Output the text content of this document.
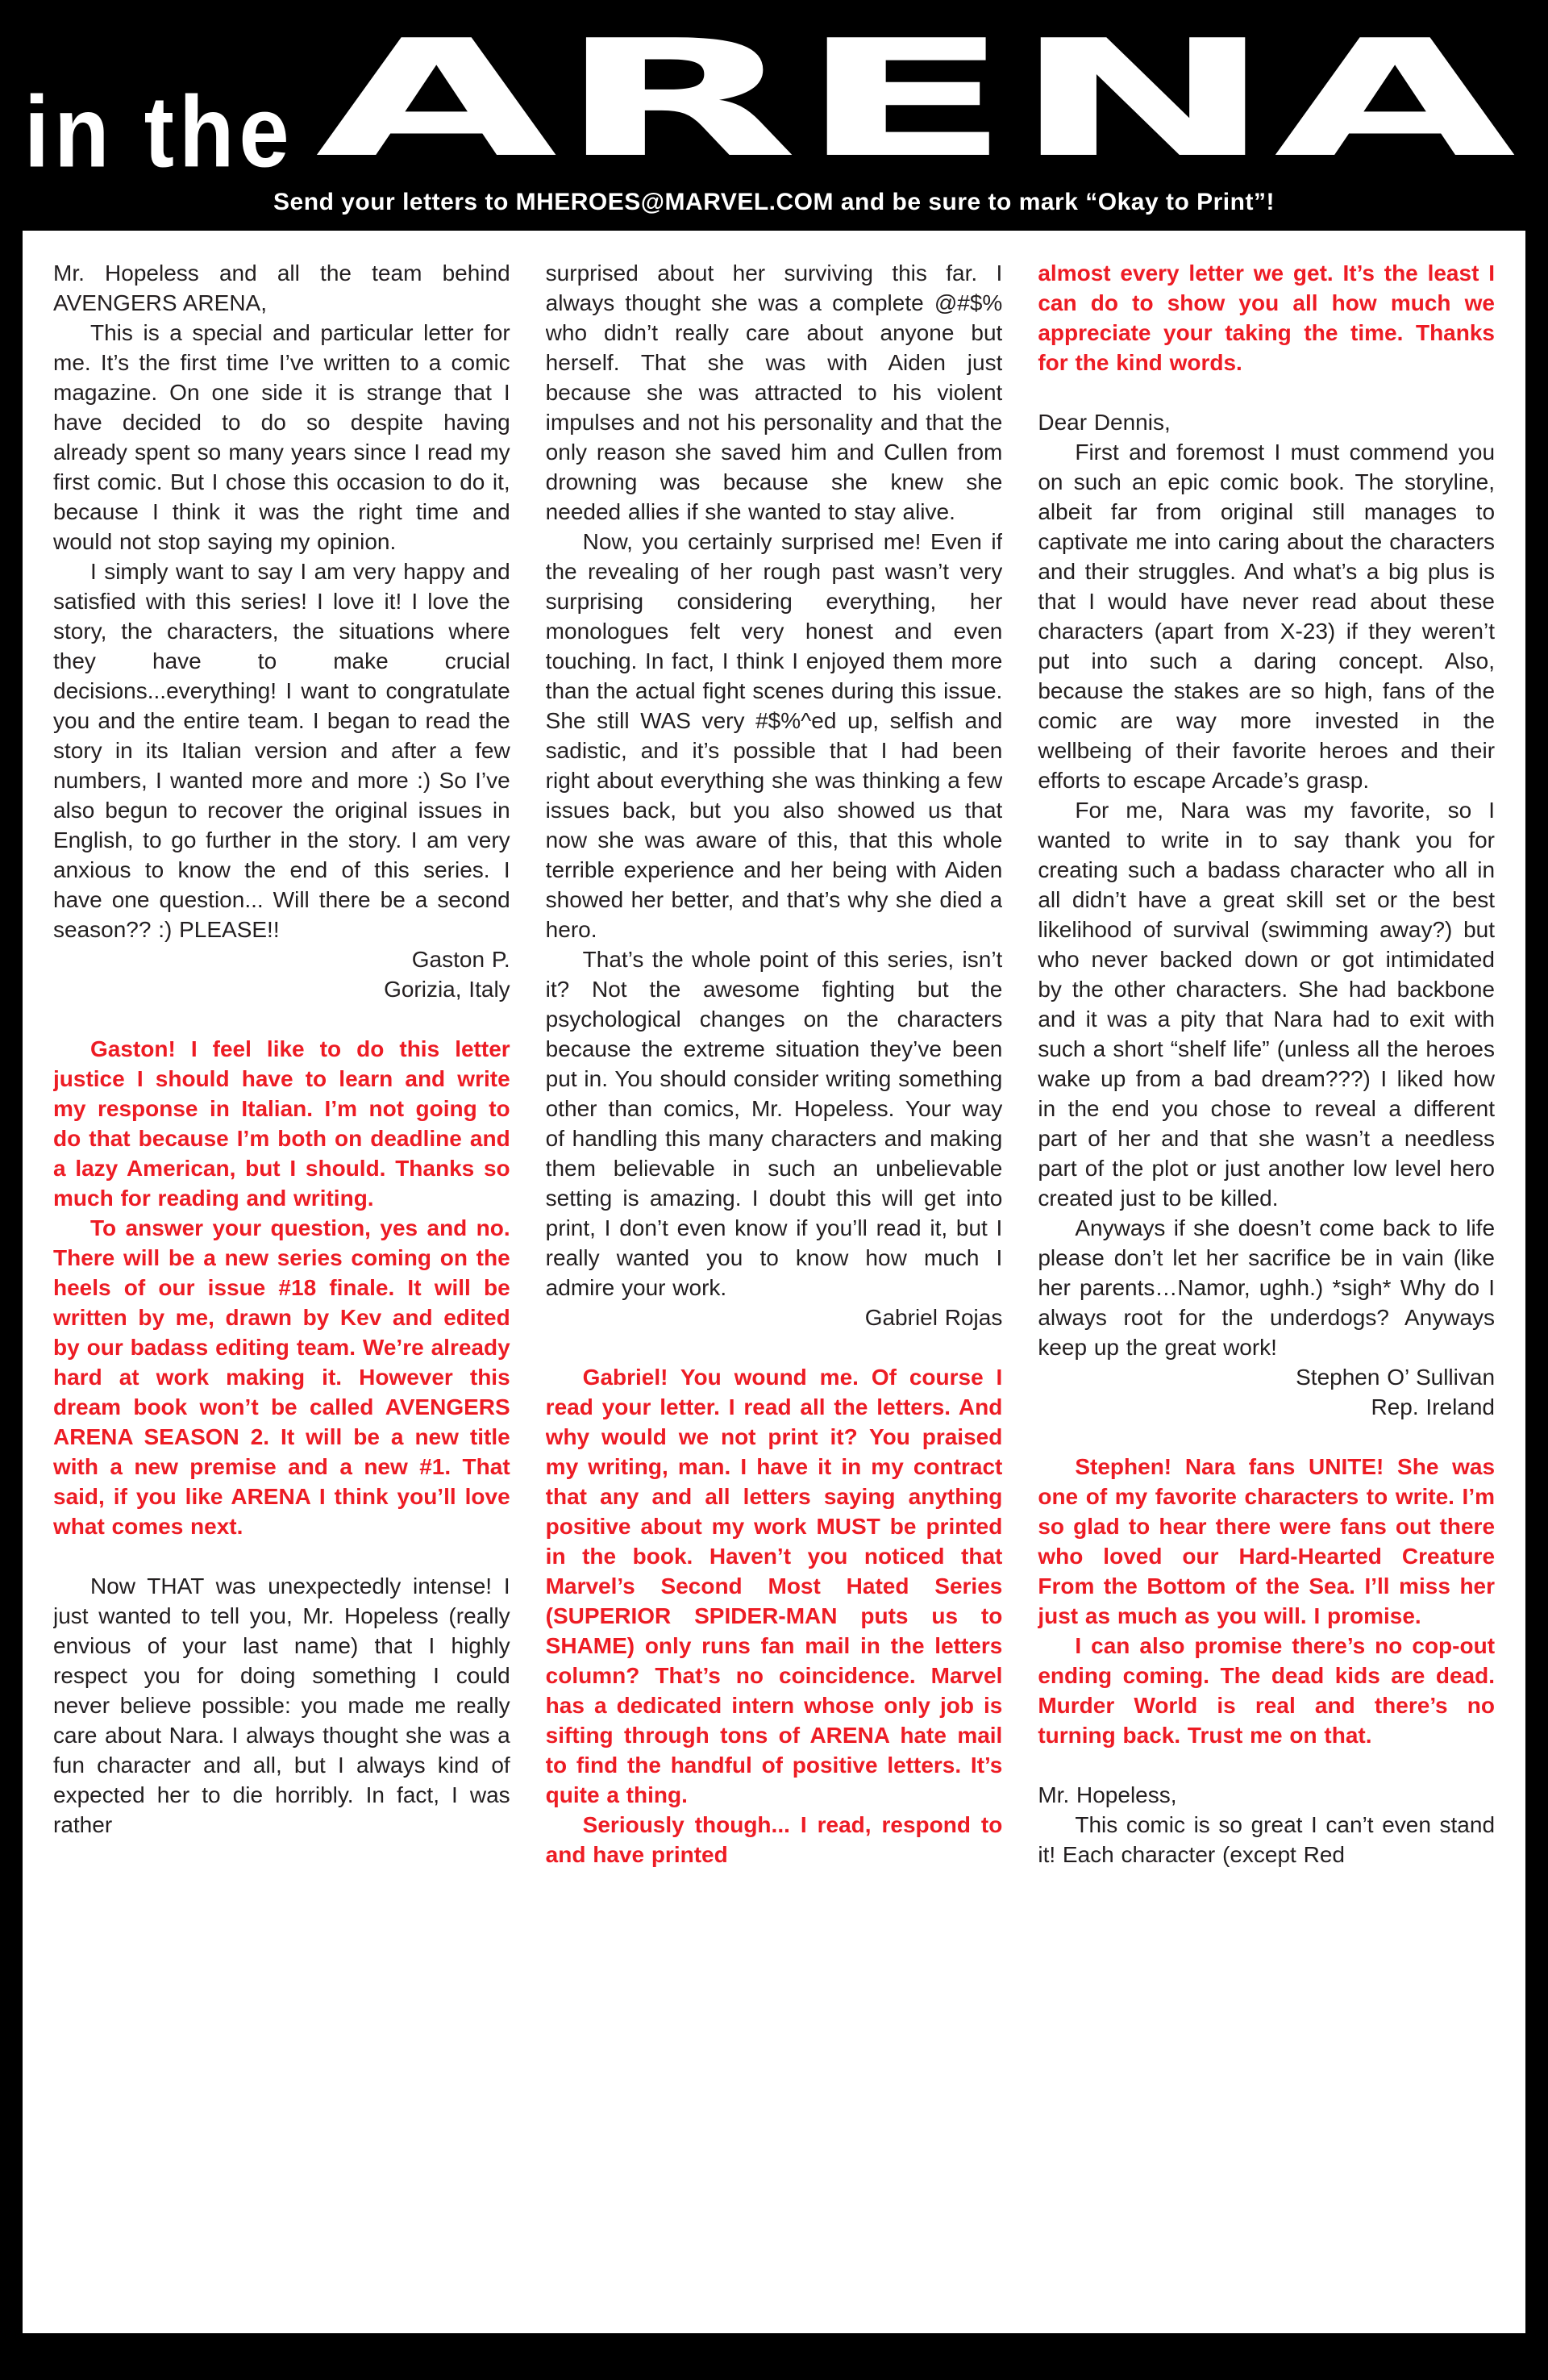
in the ARENA
Send your letters to MHEROES@MARVEL.COM and be sure to mark “Okay to Print”!

Mr. Hopeless and all the team behind AVENGERS ARENA,

This is a special and particular letter for me. It’s the first time I’ve written to a comic magazine. On one side it is strange that I have decided to do so despite having already spent so many years since I read my first comic. But I chose this occasion to do it, because I think it was the right time and would not stop saying my opinion.

I simply want to say I am very happy and satisfied with this series! I love it! I love the story, the characters, the situations where they have to make crucial decisions...everything! I want to congratulate you and the entire team. I began to read the story in its Italian version and after a few numbers, I wanted more and more :) So I’ve also begun to recover the original issues in English, to go further in the story. I am very anxious to know the end of this series. I have one question... Will there be a second season?? :) PLEASE!!

Gaston P.

Gorizia, Italy

Gaston! I feel like to do this letter justice I should have to learn and write my response in Italian. I’m not going to do that because I’m both on deadline and a lazy American, but I should. Thanks so much for reading and writing.

To answer your question, yes and no. There will be a new series coming on the heels of our issue #18 finale. It will be written by me, drawn by Kev and edited by our badass editing team. We’re already hard at work making it. However this dream book won’t be called AVENGERS ARENA SEASON 2. It will be a new title with a new premise and a new #1. That said, if you like ARENA I think you’ll love what comes next.

Now THAT was unexpectedly intense! I just wanted to tell you, Mr. Hopeless (really envious of your last name) that I highly respect you for doing something I could never believe possible: you made me really care about Nara. I always thought she was a fun character and all, but I always kind of expected her to die horribly. In fact, I was rather

surprised about her surviving this far. I always thought she was a complete @#$% who didn’t really care about anyone but herself. That she was with Aiden just because she was attracted to his violent impulses and not his personality and that the only reason she saved him and Cullen from drowning was because she knew she needed allies if she wanted to stay alive.

Now, you certainly surprised me! Even if the revealing of her rough past wasn’t very surprising considering everything, her monologues felt very honest and even touching. In fact, I think I enjoyed them more than the actual fight scenes during this issue. She still WAS very #$%^ed up, selfish and sadistic, and it’s possible that I had been right about everything she was thinking a few issues back, but you also showed us that now she was aware of this, that this whole terrible experience and her being with Aiden showed her better, and that’s why she died a hero.

That’s the whole point of this series, isn’t it? Not the awesome fighting but the psychological changes on the characters because the extreme situation they’ve been put in. You should consider writing something other than comics, Mr. Hopeless. Your way of handling this many characters and making them believable in such an unbelievable setting is amazing. I doubt this will get into print, I don’t even know if you’ll read it, but I really wanted you to know how much I admire your work.

Gabriel Rojas

Gabriel! You wound me. Of course I read your letter. I read all the letters. And why would we not print it? You praised my writing, man. I have it in my contract that any and all letters saying anything positive about my work MUST be printed in the book. Haven’t you noticed that Marvel’s Second Most Hated Series (SUPERIOR SPIDER-MAN puts us to SHAME) only runs fan mail in the letters column? That’s no coincidence. Marvel has a dedicated intern whose only job is sifting through tons of ARENA hate mail to find the handful of positive letters. It’s quite a thing.

Seriously though... I read, respond to and have printed

almost every letter we get. It’s the least I can do to show you all how much we appreciate your taking the time. Thanks for the kind words.

Dear Dennis,

First and foremost I must commend you on such an epic comic book. The storyline, albeit far from original still manages to captivate me into caring about the characters and their struggles. And what’s a big plus is that I would have never read about these characters (apart from X-23) if they weren’t put into such a daring concept. Also, because the stakes are so high, fans of the comic are way more invested in the wellbeing of their favorite heroes and their efforts to escape Arcade’s grasp.

For me, Nara was my favorite, so I wanted to write in to say thank you for creating such a badass character who all in all didn’t have a great skill set or the best likelihood of survival (swimming away?) but who never backed down or got intimidated by the other characters. She had backbone and it was a pity that Nara had to exit with such a short “shelf life” (unless all the heroes wake up from a bad dream???) I liked how in the end you chose to reveal a different part of her and that she wasn’t a needless part of the plot or just another low level hero created just to be killed.

Anyways if she doesn’t come back to life please don’t let her sacrifice be in vain (like her parents…Namor, ughh.) *sigh* Why do I always root for the underdogs? Anyways keep up the great work!

Stephen O’ Sullivan

Rep. Ireland

Stephen! Nara fans UNITE! She was one of my favorite characters to write. I’m so glad to hear there were fans out there who loved our Hard-Hearted Creature From the Bottom of the Sea. I’ll miss her just as much as you will. I promise.

I can also promise there’s no cop-out ending coming. The dead kids are dead. Murder World is real and there’s no turning back. Trust me on that.

Mr. Hopeless,

This comic is so great I can’t even stand it! Each character (except Red
